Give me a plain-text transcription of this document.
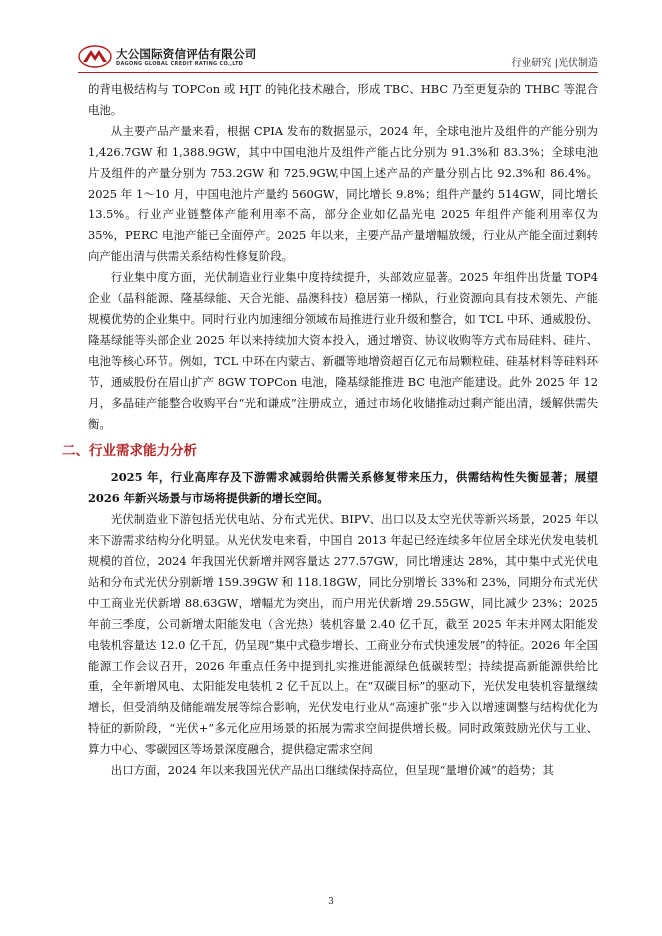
大公国际资信评估有限公司
DAGONG GLOBAL CREDIT RATING CO.,LTD	行业研究 |光伏制造

的背电极结构与 TOPCon 或 HJT 的钝化技术融合，形成 TBC、HBC 乃至更复杂的 THBC 等混合电池。

从主要产品产量来看，根据 CPIA 发布的数据显示，2024 年，全球电池片及组件的产能分别为 1,426.7GW 和 1,388.9GW，其中中国电池片及组件产能占比分别为 91.3%和 83.3%；全球电池片及组件的产量分别为 753.2GW 和 725.9GW,中国上述产品的产量分别占比 92.3%和 86.4%。2025 年 1～10 月，中国电池片产量约 560GW，同比增长 9.8%；组件产量约 514GW，同比增长 13.5%。行业产业链整体产能利用率不高，部分企业如亿晶光电 2025 年组件产能利用率仅为 35%，PERC 电池产能已全面停产。2025 年以来，主要产品产量增幅放缓，行业从产能全面过剩转向产能出清与供需关系结构性修复阶段。

行业集中度方面，光伏制造业行业集中度持续提升，头部效应显著。2025 年组件出货量 TOP4 企业（晶科能源、隆基绿能、天合光能、晶澳科技）稳居第一梯队，行业资源向具有技术领先、产能规模优势的企业集中。同时行业内加速细分领域布局推进行业升级和整合，如 TCL 中环、通威股份、隆基绿能等头部企业 2025 年以来持续加大资本投入，通过增资、协议收购等方式布局硅料、硅片、电池等核心环节。例如，TCL 中环在内蒙古、新疆等地增资超百亿元布局颗粒硅、硅基材料等硅料环节，通威股份在眉山扩产 8GW TOPCon 电池，隆基绿能推进 BC 电池产能建设。此外 2025 年 12 月，多晶硅产能整合收购平台“光和谦成”注册成立，通过市场化收储推动过剩产能出清，缓解供需失衡。

二、行业需求能力分析

2025 年，行业高库存及下游需求减弱给供需关系修复带来压力，供需结构性失衡显著；展望 2026 年新兴场景与市场将提供新的增长空间。

光伏制造业下游包括光伏电站、分布式光伏、BIPV、出口以及太空光伏等新兴场景，2025 年以来下游需求结构分化明显。从光伏发电来看，中国自 2013 年起已经连续多年位居全球光伏发电装机规模的首位，2024 年我国光伏新增并网容量达 277.57GW，同比增速达 28%，其中集中式光伏电站和分布式光伏分别新增 159.39GW 和 118.18GW，同比分别增长 33%和 23%，同期分布式光伏中工商业光伏新增 88.63GW，增幅尤为突出，而户用光伏新增 29.55GW，同比减少 23%；2025 年前三季度，公司新增太阳能发电（含光热）装机容量 2.40 亿千瓦，截至 2025 年末并网太阳能发电装机容量达 12.0 亿千瓦，仍呈现“集中式稳步增长、工商业分布式快速发展”的特征。2026 年全国能源工作会议召开，2026 年重点任务中提到扎实推进能源绿色低碳转型；持续提高新能源供给比重，全年新增风电、太阳能发电装机 2 亿千瓦以上。在“双碳目标”的驱动下，光伏发电装机容量继续增长，但受消纳及储能端发展等综合影响，光伏发电行业从“高速扩张”步入以增速调整与结构优化为特征的新阶段，“光伏+”多元化应用场景的拓展为需求空间提供增长极。同时政策鼓励光伏与工业、算力中心、零碳园区等场景深度融合，提供稳定需求空间

出口方面，2024 年以来我国光伏产品出口继续保持高位，但呈现“量增价减”的趋势；其

3
